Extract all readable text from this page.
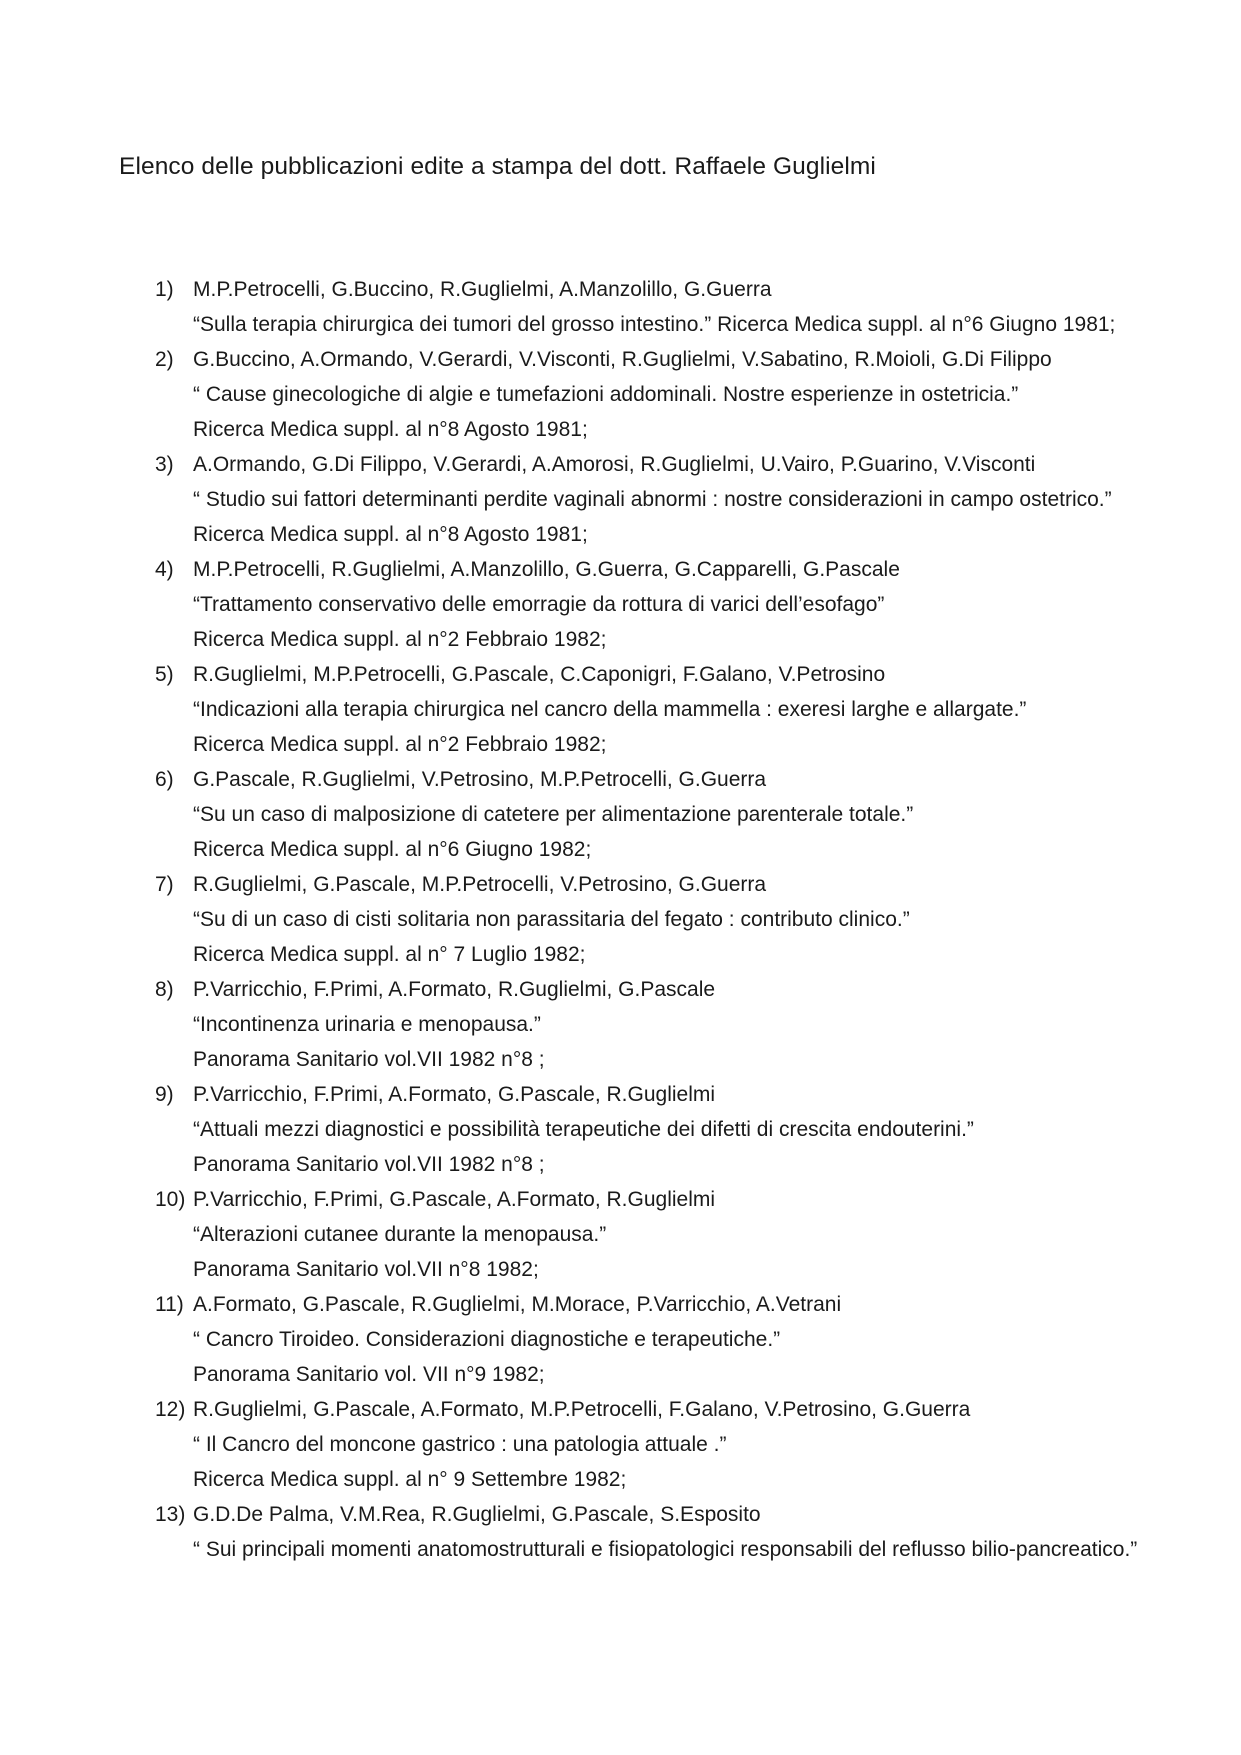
Elenco delle pubblicazioni edite a stampa del dott. Raffaele Guglielmi
1) M.P.Petrocelli, G.Buccino, R.Guglielmi, A.Manzolillo, G.Guerra
“Sulla terapia chirurgica dei tumori del grosso intestino.” Ricerca Medica suppl. al n°6 Giugno 1981;
2) G.Buccino, A.Ormando, V.Gerardi, V.Visconti, R.Guglielmi, V.Sabatino, R.Moioli, G.Di Filippo
“ Cause ginecologiche di algie e tumefazioni addominali. Nostre esperienze in ostetricia.”
Ricerca Medica suppl. al n°8 Agosto 1981;
3) A.Ormando, G.Di Filippo, V.Gerardi, A.Amorosi, R.Guglielmi, U.Vairo, P.Guarino, V.Visconti
“ Studio sui fattori determinanti perdite vaginali abnormi : nostre considerazioni in campo ostetrico.” Ricerca Medica suppl. al n°8 Agosto 1981;
4) M.P.Petrocelli, R.Guglielmi, A.Manzolillo, G.Guerra, G.Capparelli, G.Pascale
“Trattamento conservativo delle emorragie da rottura di varici dell’esofago”
Ricerca Medica suppl. al n°2 Febbraio 1982;
5) R.Guglielmi, M.P.Petrocelli, G.Pascale, C.Caponigri, F.Galano, V.Petrosino
“Indicazioni alla terapia chirurgica nel cancro della mammella : exeresi larghe e allargate.”
Ricerca Medica suppl. al n°2 Febbraio 1982;
6) G.Pascale, R.Guglielmi, V.Petrosino, M.P.Petrocelli, G.Guerra
“Su un caso di malposizione di catetere per alimentazione parenterale totale.”
Ricerca Medica suppl. al n°6 Giugno 1982;
7) R.Guglielmi, G.Pascale, M.P.Petrocelli, V.Petrosino, G.Guerra
“Su di un caso di cisti solitaria non parassitaria del fegato : contributo clinico.”
Ricerca Medica suppl. al n° 7 Luglio 1982;
8) P.Varricchio, F.Primi, A.Formato, R.Guglielmi, G.Pascale
“Incontinenza urinaria e menopausa.”
Panorama Sanitario vol.VII 1982 n°8 ;
9) P.Varricchio, F.Primi, A.Formato, G.Pascale, R.Guglielmi
“Attuali mezzi diagnostici e possibilità terapeutiche dei difetti di crescita endouterini.”
Panorama Sanitario vol.VII 1982 n°8 ;
10) P.Varricchio, F.Primi, G.Pascale, A.Formato, R.Guglielmi
“Alterazioni cutanee durante la menopausa.”
Panorama Sanitario vol.VII n°8 1982;
11) A.Formato, G.Pascale, R.Guglielmi, M.Morace, P.Varricchio, A.Vetrani
“ Cancro Tiroideo. Considerazioni diagnostiche e terapeutiche.”
Panorama Sanitario vol. VII n°9 1982;
12) R.Guglielmi, G.Pascale, A.Formato, M.P.Petrocelli, F.Galano, V.Petrosino, G.Guerra
“ Il Cancro del moncone gastrico : una patologia attuale .”
Ricerca Medica suppl. al n° 9 Settembre 1982;
13) G.D.De Palma, V.M.Rea, R.Guglielmi, G.Pascale, S.Esposito
“ Sui principali momenti anatomostrutturali e fisiopatologici responsabili del reflusso bilio-pancreatico.”
